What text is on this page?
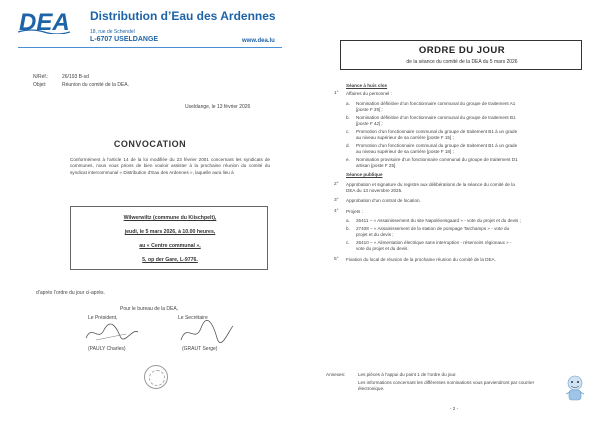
DEA Distribution d’Eau des Ardennes
18, rue de Schendel
L-6707 USELDANGE	www.dea.lu
N/Réf.:	26/193 B-sd
Objet:	Réunion du comité de la DEA.
Useldange, le 13 février 2026
CONVOCATION
Conformément à l’article 14 de la loi modifiée du 23 février 2001 concernant les syndicats de communes, nous vous prions de bien vouloir assister à la prochaine réunion du comité du syndicat intercommunal « Distribution d’Eau des Ardennes », laquelle aura lieu à
Wilwerwiltz (commune du Kiischpelt),
jeudi, le 5 mars 2026, à 10.00 heures,
au « Centre communal »,
5, op der Gare, L-9776.
d’après l’ordre du jour ci-après.
Pour le bureau de la DEA,
Le Président,	Le Secrétaire
(PAULY Charles)	(GRAUT Serge)
ORDRE DU JOUR
de la séance du comité de la DEA du 5 mars 2026
Séance à huis clos
1° Affaires du personnel :
a. Nomination définitive d’un fonctionnaire communal du groupe de traitement A1
[poste F 35] ;
b. Nomination définitive d’un fonctionnaire communal du groupe de traitement B1
[poste F 42] ;
c. Promotion d’un fonctionnaire communal du groupe de traitement B1 à un grade
au niveau supérieur de sa carrière [poste F 15] ;
d. Promotion d’un fonctionnaire communal du groupe de traitement B1 à un grade
au niveau supérieur de sa carrière [poste F 18] ;
e. Nomination provisoire d’un fonctionnaire communal du groupe de traitement D1
artisan [poste F 25].
Séance publique
2° Approbation et signature du registre aux délibérations de la séance du comité de la
DEA du 13 novembre 2025.
3° Approbation d’un contrat de location.
4° Projets :
a. 26411 – « Assainissement du site Napoléonsgaard » - vote du projet et du devis ;
b. 27408 – « Assainissement de la station de pompage Tarchamps » - vote du
projet et du devis ;
c. 26410 – « Alimentation électrique sans interruption - réservoirs régionaux » -
vote du projet et du devis.
5° Fixation du local de réunion de la prochaine réunion du comité de la DEA.
Annexes:	Les pièces à l’appui du point 1 de l’ordre du jour.
Les informations concernant les différentes nominations vous parviendront par courrier
électronique.
- 2 -
